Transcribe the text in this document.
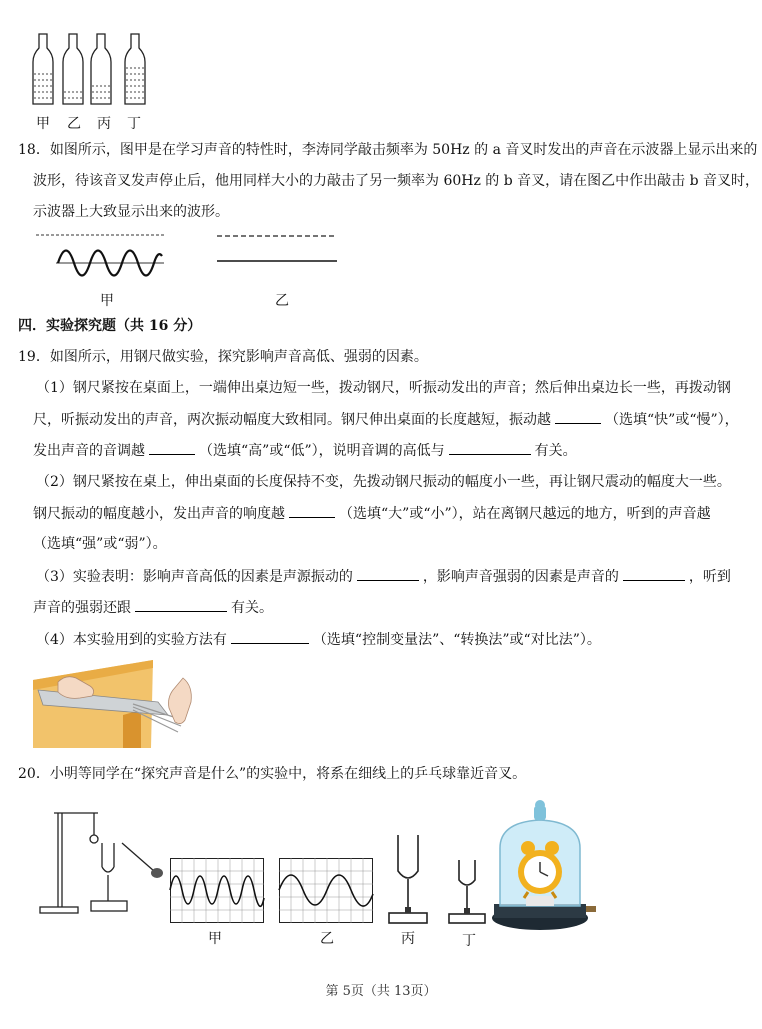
甲 乙 丙 丁
18．如图所示，图甲是在学习声音的特性时，李涛同学敲击频率为 50Hz 的 a 音叉时发出的声音在示波器上显示出来的
波形，待该音叉发声停止后，他用同样大小的力敲击了另一频率为 60Hz 的 b 音叉，请在图乙中作出敲击 b 音叉时，
示波器上大致显示出来的波形。
甲	乙
四．实验探究题（共 16 分）
19．如图所示，用钢尺做实验，探究影响声音高低、强弱的因素。
（1）钢尺紧按在桌面上，一端伸出桌边短一些，拨动钢尺，听振动发出的声音；然后伸出桌边长一些，再拨动钢
尺，听振动发出的声音，两次振动幅度大致相同。钢尺伸出桌面的长度越短，振动越	（选填“快”或“慢”），
发出声音的音调越	（选填“高”或“低”），说明音调的高低与	有关。
（2）钢尺紧按在桌上，伸出桌面的长度保持不变，先拨动钢尺振动的幅度小一些，再让钢尺震动的幅度大一些。
钢尺振动的幅度越小，发出声音的响度越	（选填“大”或“小”），站在离钢尺越远的地方，听到的声音越
（选填“强”或“弱”）。
（3）实验表明：影响声音高低的因素是声源振动的	，影响声音强弱的因素是声音的	，听到
声音的强弱还跟	有关。
（4）本实验用到的实验方法有	（选填“控制变量法”、“转换法”或“对比法”）。
20．小明等同学在“探究声音是什么”的实验中，将系在细线上的乒乓球靠近音叉。
甲	乙	丙	丁
第 5页（共 13页）
